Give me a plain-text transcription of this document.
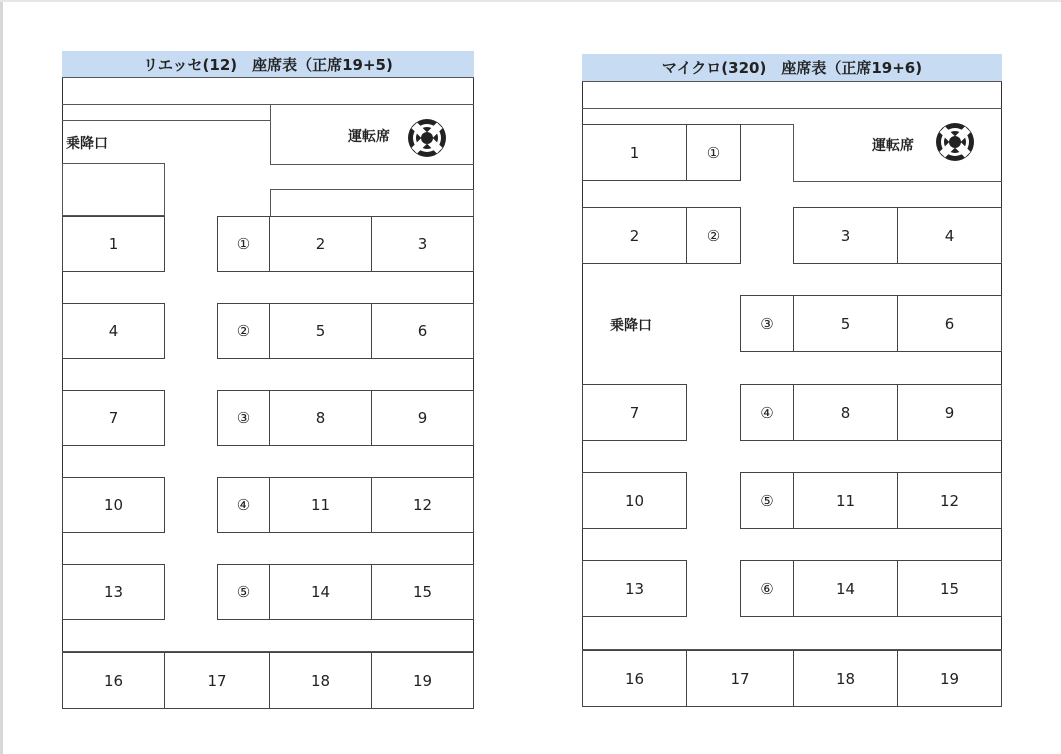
リエッセ(12)　座席表（正席19+5)
乗降口	運転席
1	①	2	3
4	②	5	6
7	③	8	9
10	④	11	12
13	⑤	14	15
16	17	18	19
マイクロ(320)　座席表（正席19+6)
運転席
1	①
2	②	3	4
乗降口	③	5	6
7	④	8	9
10	⑤	11	12
13	⑥	14	15
16	17	18	19
